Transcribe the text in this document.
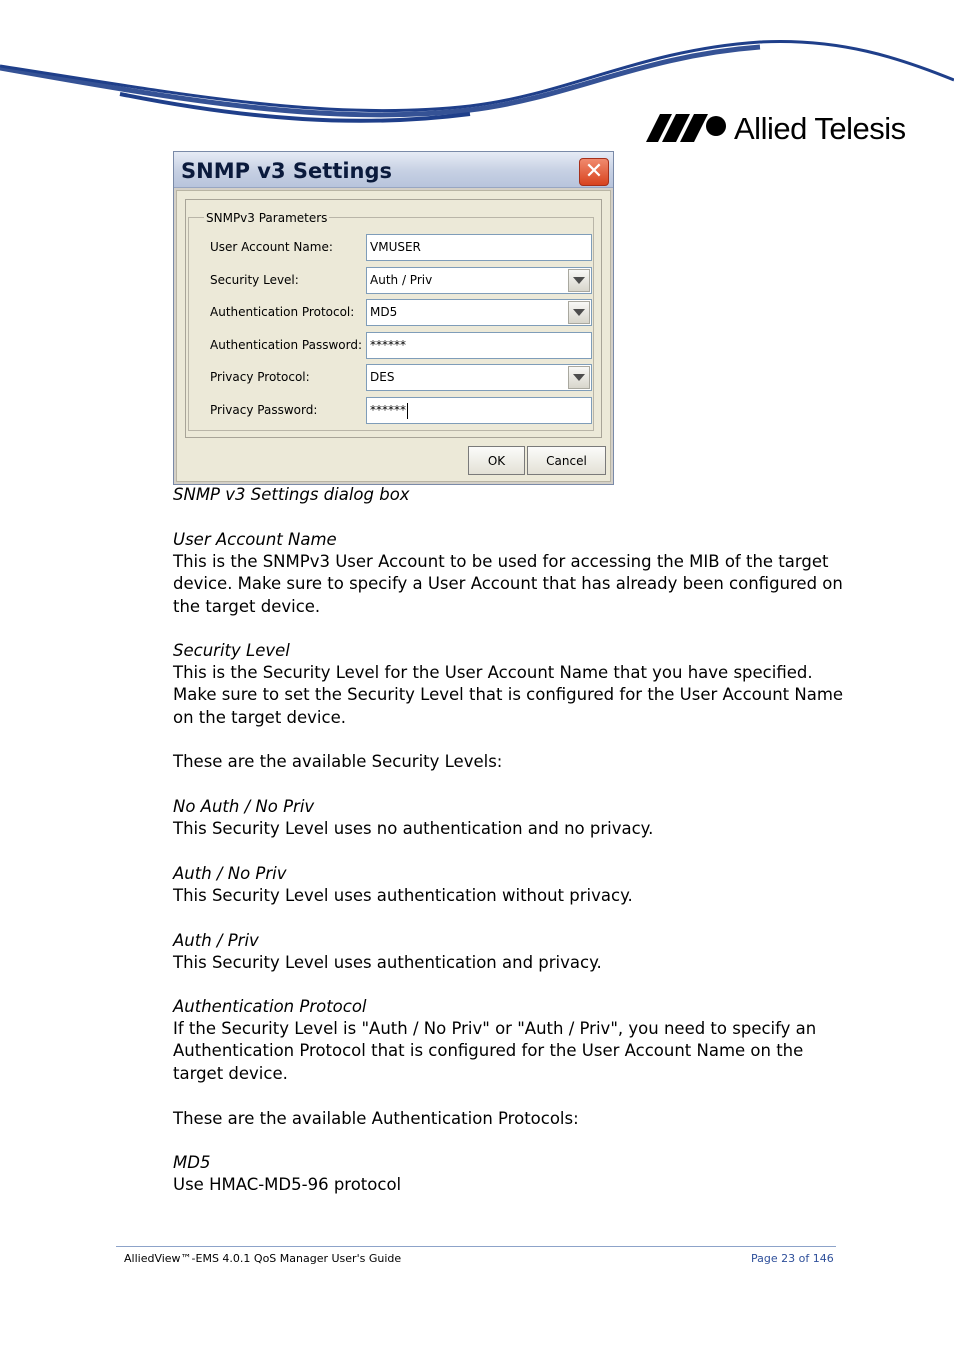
Allied Telesis
SNMP v3 Settings	✕
SNMPv3 Parameters
User Account Name:	VMUSER
Security Level:	Auth / Priv
Authentication Protocol:	MD5
Authentication Password: ******
Privacy Protocol:	DES
Privacy Password:	******
OK	Cancel
SNMP v3 Settings dialog box
User Account Name
This is the SNMPv3 User Account to be used for accessing the MIB of the target device. Make sure to specify a User Account that has already been configured on the target device.
Security Level
This is the Security Level for the User Account Name that you have specified. Make sure to set the Security Level that is configured for the User Account Name on the target device.
These are the available Security Levels:
No Auth / No Priv
This Security Level uses no authentication and no privacy.
Auth / No Priv
This Security Level uses authentication without privacy.
Auth / Priv
This Security Level uses authentication and privacy.
Authentication Protocol
If the Security Level is "Auth / No Priv" or "Auth / Priv", you need to specify an Authentication Protocol that is configured for the User Account Name on the target device.
These are the available Authentication Protocols:
MD5
Use HMAC-MD5-96 protocol
AlliedView™-EMS 4.0.1 QoS Manager User's Guide	Page 23 of 146
